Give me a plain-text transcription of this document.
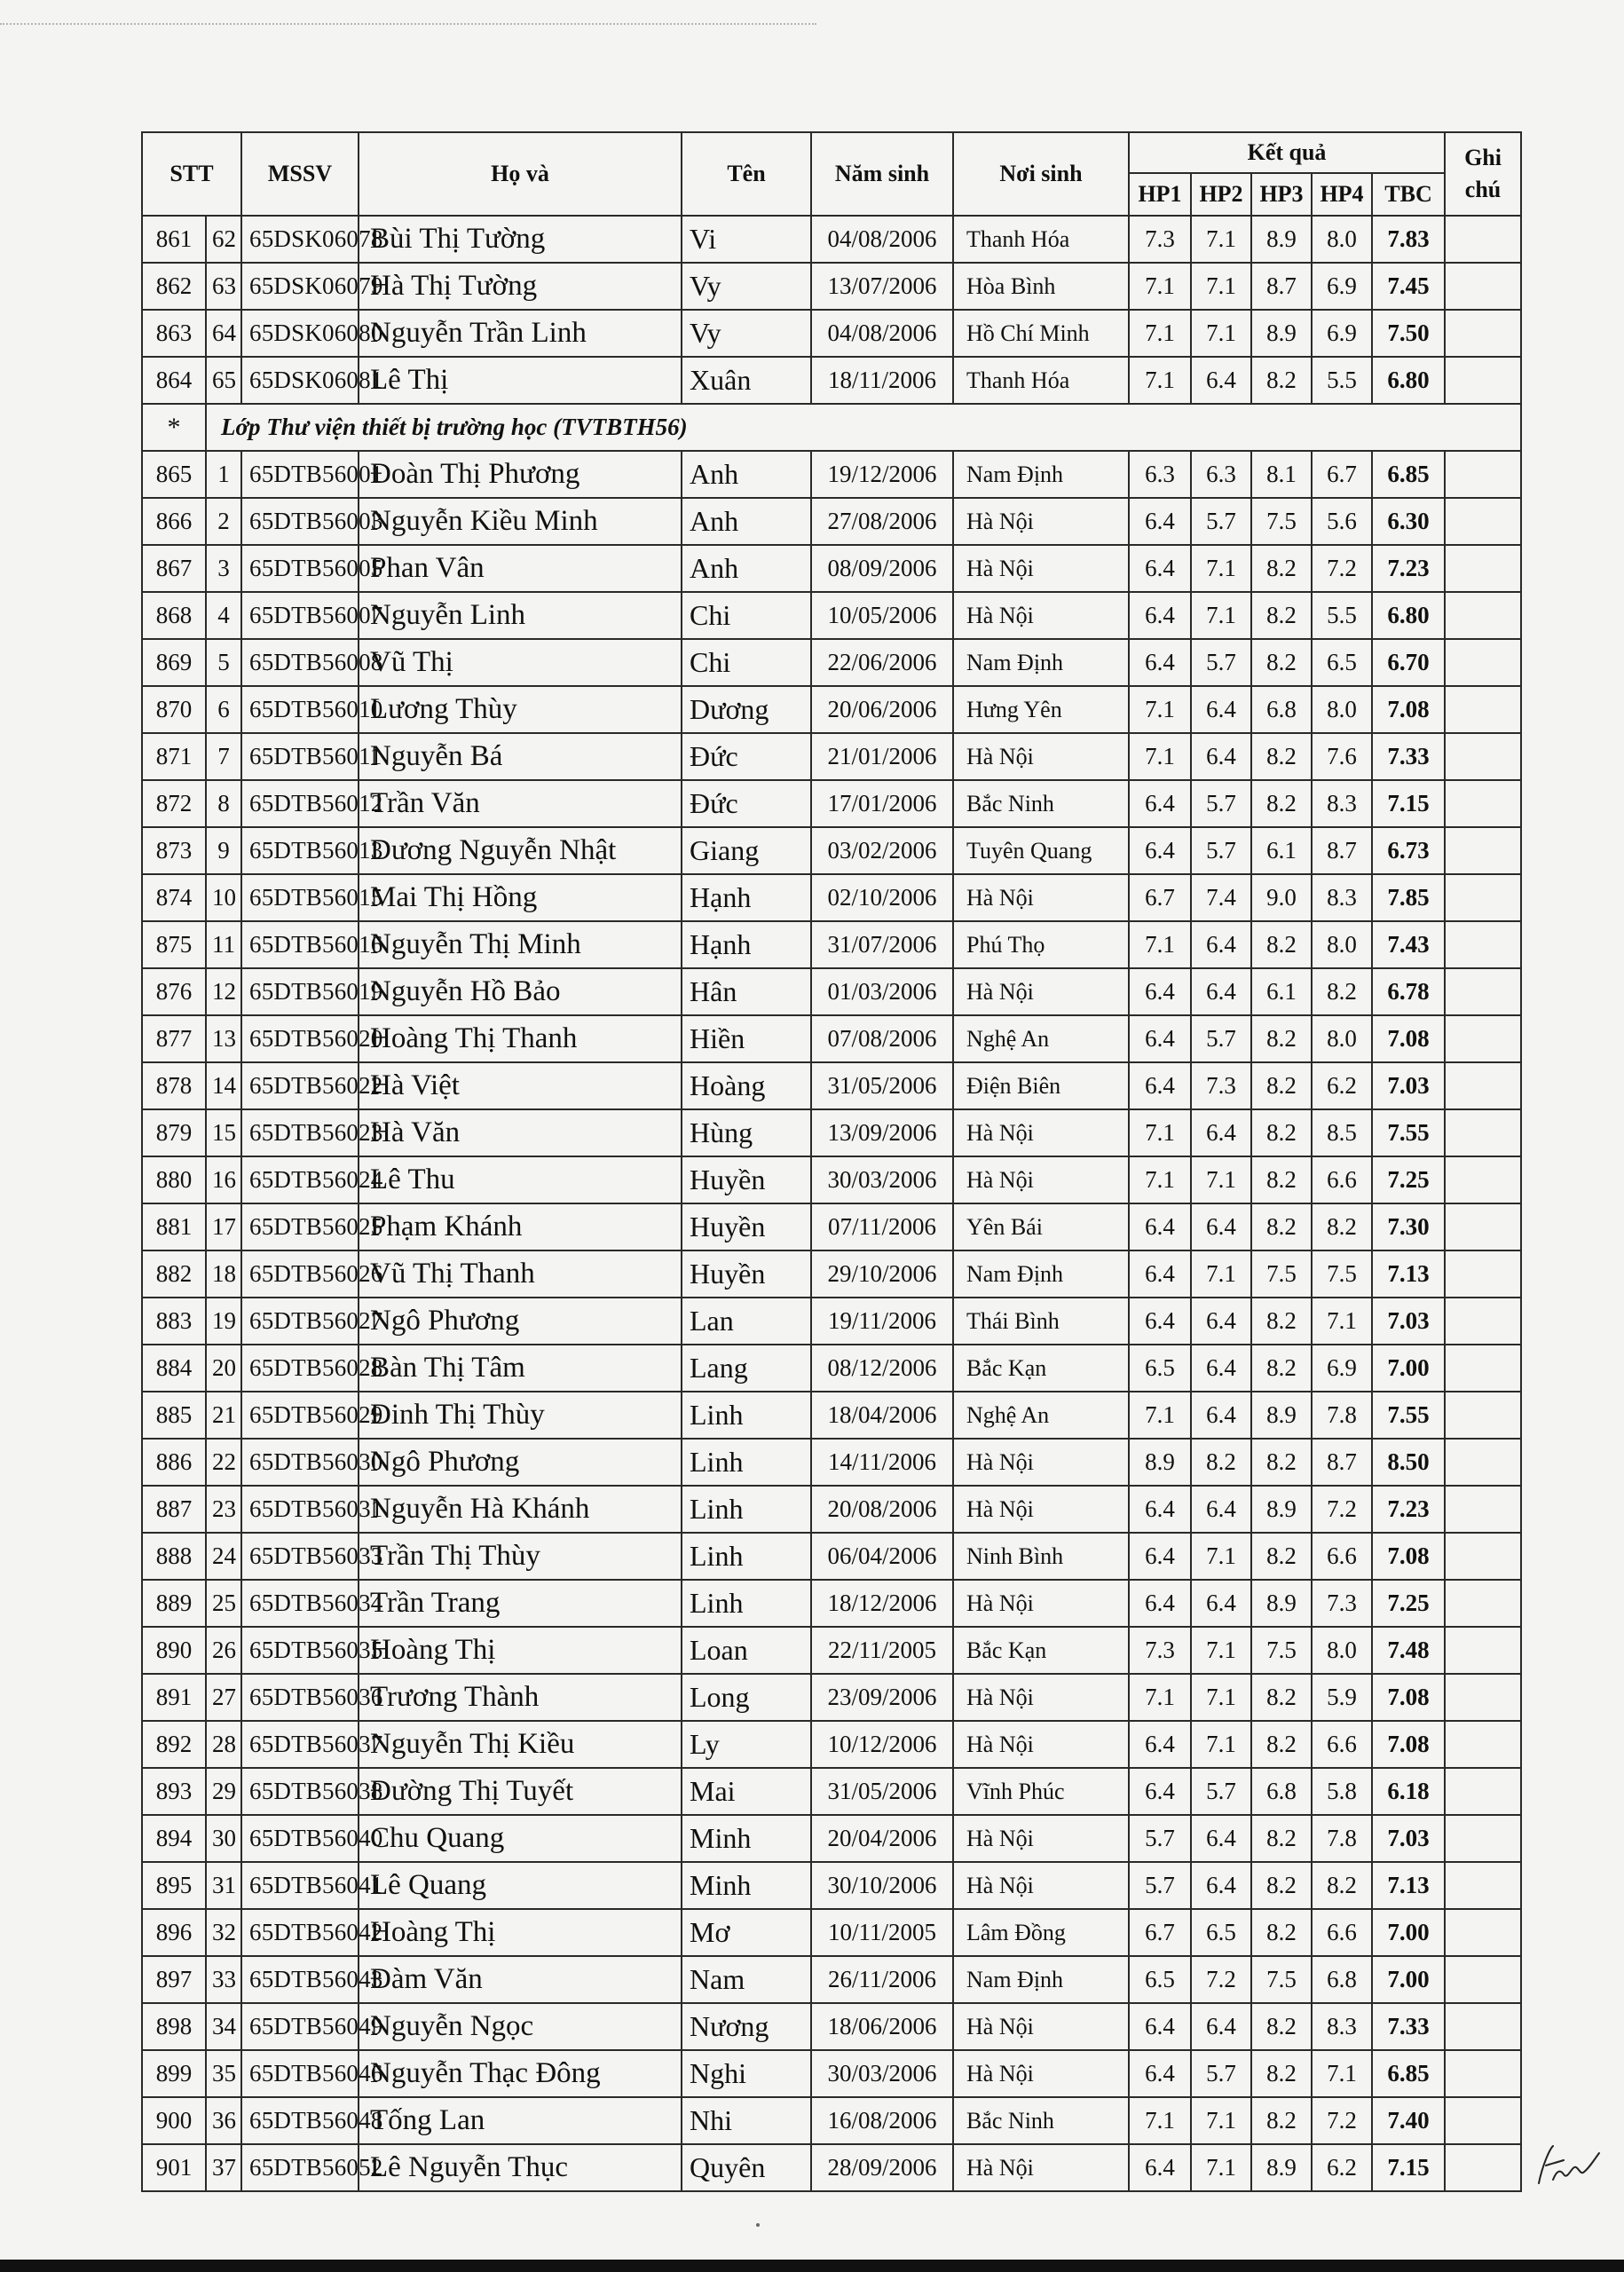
STT		MSSV	Họ và	Tên	Năm sinh	Nơi sinh	Kết quả					Ghi chú
							HP1	HP2	HP3	HP4	TBC	
861	62	65DSK06078	Bùi Thị Tường	Vi	04/08/2006	Thanh Hóa	7.3	7.1	8.9	8.0	7.83	
862	63	65DSK06079	Hà Thị Tường	Vy	13/07/2006	Hòa Bình	7.1	7.1	8.7	6.9	7.45	
863	64	65DSK06080	Nguyễn Trần Linh	Vy	04/08/2006	Hồ Chí Minh	7.1	7.1	8.9	6.9	7.50	
864	65	65DSK06081	Lê Thị	Xuân	18/11/2006	Thanh Hóa	7.1	6.4	8.2	5.5	6.80	
*	Lớp Thư viện thiết bị trường học (TVTBTH56)											
865	1	65DTB56001	Đoàn Thị Phương	Anh	19/12/2006	Nam Định	6.3	6.3	8.1	6.7	6.85	
866	2	65DTB56003	Nguyễn Kiều Minh	Anh	27/08/2006	Hà Nội	6.4	5.7	7.5	5.6	6.30	
867	3	65DTB56005	Phan Vân	Anh	08/09/2006	Hà Nội	6.4	7.1	8.2	7.2	7.23	
868	4	65DTB56007	Nguyễn Linh	Chi	10/05/2006	Hà Nội	6.4	7.1	8.2	5.5	6.80	
869	5	65DTB56008	Vũ Thị	Chi	22/06/2006	Nam Định	6.4	5.7	8.2	6.5	6.70	
870	6	65DTB56010	Lương Thùy	Dương	20/06/2006	Hưng Yên	7.1	6.4	6.8	8.0	7.08	
871	7	65DTB56011	Nguyễn Bá	Đức	21/01/2006	Hà Nội	7.1	6.4	8.2	7.6	7.33	
872	8	65DTB56012	Trần Văn	Đức	17/01/2006	Bắc Ninh	6.4	5.7	8.2	8.3	7.15	
873	9	65DTB56013	Dương Nguyễn Nhật	Giang	03/02/2006	Tuyên Quang	6.4	5.7	6.1	8.7	6.73	
874	10	65DTB56015	Mai Thị Hồng	Hạnh	02/10/2006	Hà Nội	6.7	7.4	9.0	8.3	7.85	
875	11	65DTB56016	Nguyễn Thị Minh	Hạnh	31/07/2006	Phú Thọ	7.1	6.4	8.2	8.0	7.43	
876	12	65DTB56019	Nguyễn Hồ Bảo	Hân	01/03/2006	Hà Nội	6.4	6.4	6.1	8.2	6.78	
877	13	65DTB56020	Hoàng Thị Thanh	Hiền	07/08/2006	Nghệ An	6.4	5.7	8.2	8.0	7.08	
878	14	65DTB56022	Hà Việt	Hoàng	31/05/2006	Điện Biên	6.4	7.3	8.2	6.2	7.03	
879	15	65DTB56023	Hà Văn	Hùng	13/09/2006	Hà Nội	7.1	6.4	8.2	8.5	7.55	
880	16	65DTB56024	Lê Thu	Huyền	30/03/2006	Hà Nội	7.1	7.1	8.2	6.6	7.25	
881	17	65DTB56025	Phạm Khánh	Huyền	07/11/2006	Yên Bái	6.4	6.4	8.2	8.2	7.30	
882	18	65DTB56026	Vũ Thị Thanh	Huyền	29/10/2006	Nam Định	6.4	7.1	7.5	7.5	7.13	
883	19	65DTB56027	Ngô Phương	Lan	19/11/2006	Thái Bình	6.4	6.4	8.2	7.1	7.03	
884	20	65DTB56028	Bàn Thị Tâm	Lang	08/12/2006	Bắc Kạn	6.5	6.4	8.2	6.9	7.00	
885	21	65DTB56029	Đinh Thị Thùy	Linh	18/04/2006	Nghệ An	7.1	6.4	8.9	7.8	7.55	
886	22	65DTB56030	Ngô Phương	Linh	14/11/2006	Hà Nội	8.9	8.2	8.2	8.7	8.50	
887	23	65DTB56031	Nguyễn Hà Khánh	Linh	20/08/2006	Hà Nội	6.4	6.4	8.9	7.2	7.23	
888	24	65DTB56033	Trần Thị Thùy	Linh	06/04/2006	Ninh Bình	6.4	7.1	8.2	6.6	7.08	
889	25	65DTB56034	Trần Trang	Linh	18/12/2006	Hà Nội	6.4	6.4	8.9	7.3	7.25	
890	26	65DTB56035	Hoàng Thị	Loan	22/11/2005	Bắc Kạn	7.3	7.1	7.5	8.0	7.48	
891	27	65DTB56036	Trương Thành	Long	23/09/2006	Hà Nội	7.1	7.1	8.2	5.9	7.08	
892	28	65DTB56037	Nguyễn Thị Kiều	Ly	10/12/2006	Hà Nội	6.4	7.1	8.2	6.6	7.08	
893	29	65DTB56038	Đường Thị Tuyết	Mai	31/05/2006	Vĩnh Phúc	6.4	5.7	6.8	5.8	6.18	
894	30	65DTB56040	Chu Quang	Minh	20/04/2006	Hà Nội	5.7	6.4	8.2	7.8	7.03	
895	31	65DTB56041	Lê Quang	Minh	30/10/2006	Hà Nội	5.7	6.4	8.2	8.2	7.13	
896	32	65DTB56042	Hoàng Thị	Mơ	10/11/2005	Lâm Đồng	6.7	6.5	8.2	6.6	7.00	
897	33	65DTB56043	Đàm Văn	Nam	26/11/2006	Nam Định	6.5	7.2	7.5	6.8	7.00	
898	34	65DTB56049	Nguyễn Ngọc	Nương	18/06/2006	Hà Nội	6.4	6.4	8.2	8.3	7.33	
899	35	65DTB56046	Nguyễn Thạc Đông	Nghi	30/03/2006	Hà Nội	6.4	5.7	8.2	7.1	6.85	
900	36	65DTB56048	Tống Lan	Nhi	16/08/2006	Bắc Ninh	7.1	7.1	8.2	7.2	7.40	
901	37	65DTB56052	Lê Nguyễn Thục	Quyên	28/09/2006	Hà Nội	6.4	7.1	8.9	6.2	7.15	
